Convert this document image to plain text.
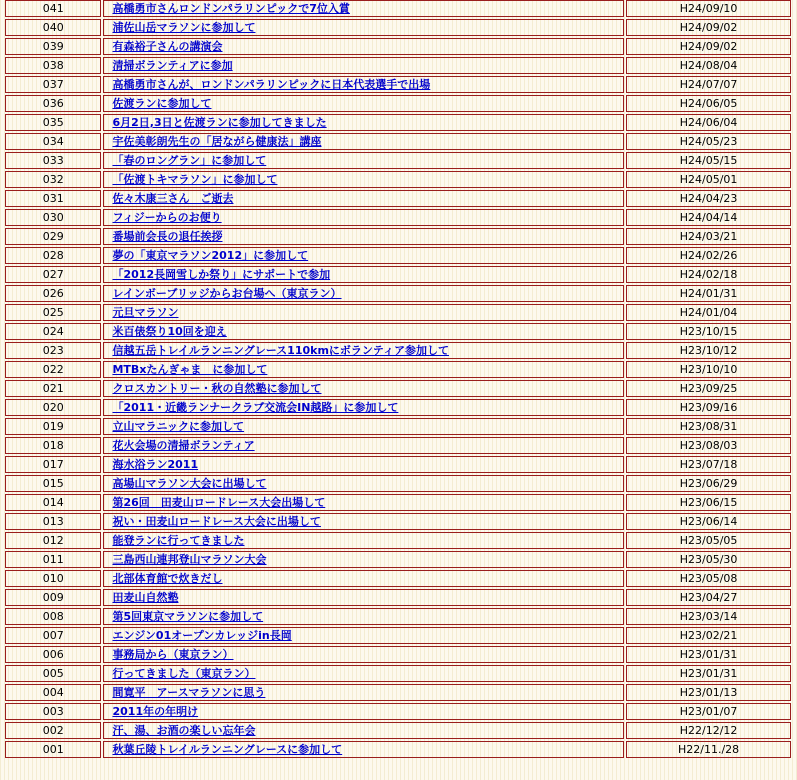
041	高橋勇市さんロンドンパラリンピックで7位入賞	H24/09/10
040	浦佐山岳マラソンに参加して	H24/09/02
039	有森裕子さんの講演会	H24/09/02
038	清掃ボランティアに参加	H24/08/04
037	高橋勇市さんが、ロンドンパラリンピックに日本代表選手で出場	H24/07/07
036	佐渡ランに参加して	H24/06/05
035	6月2日,3日と佐渡ランに参加してきました	H24/06/04
034	宇佐美彰朗先生の「居ながら健康法」講座	H24/05/23
033	「春のロングラン」に参加して	H24/05/15
032	「佐渡トキマラソン」に参加して	H24/05/01
031	佐々木康三さん　ご逝去	H24/04/23
030	フィジーからのお便り	H24/04/14
029	番場前会長の退任挨拶	H24/03/21
028	夢の「東京マラソン2012」に参加して	H24/02/26
027	「2012長岡雪しか祭り」にサポートで参加	H24/02/18
026	レインボーブリッジからお台場へ（東京ラン）	H24/01/31
025	元旦マラソン	H24/01/04
024	米百俵祭り10回を迎え	H23/10/15
023	信越五岳トレイルランニングレース110kmにボランティア参加して	H23/10/12
022	MTBxたんぎゃま　に参加して	H23/10/10
021	クロスカントリー・秋の自然塾に参加して	H23/09/25
020	「2011・近畿ランナークラブ交流会IN越路」に参加して	H23/09/16
019	立山マラニックに参加して	H23/08/31
018	花火会場の清掃ボランティア	H23/08/03
017	海水浴ラン2011	H23/07/18
015	高場山マラソン大会に出場して	H23/06/29
014	第26回　田麦山ロードレース大会出場して	H23/06/15
013	祝い・田麦山ロードレース大会に出場して	H23/06/14
012	能登ランに行ってきました	H23/05/05
011	三島西山連邦登山マラソン大会	H23/05/30
010	北部体育館で炊きだし	H23/05/08
009	田麦山自然塾	H23/04/27
008	第5回東京マラソンに参加して	H23/03/14
007	エンジン01オープンカレッジin長岡	H23/02/21
006	事務局から（東京ラン）	H23/01/31
005	行ってきました（東京ラン）	H23/01/31
004	間寛平　アースマラソンに思う	H23/01/13
003	2011年の年明け	H23/01/07
002	汗、湯、お酒の楽しい忘年会	H22/12/12
001	秋葉丘陵トレイルランニングレースに参加して	H22/11./28
